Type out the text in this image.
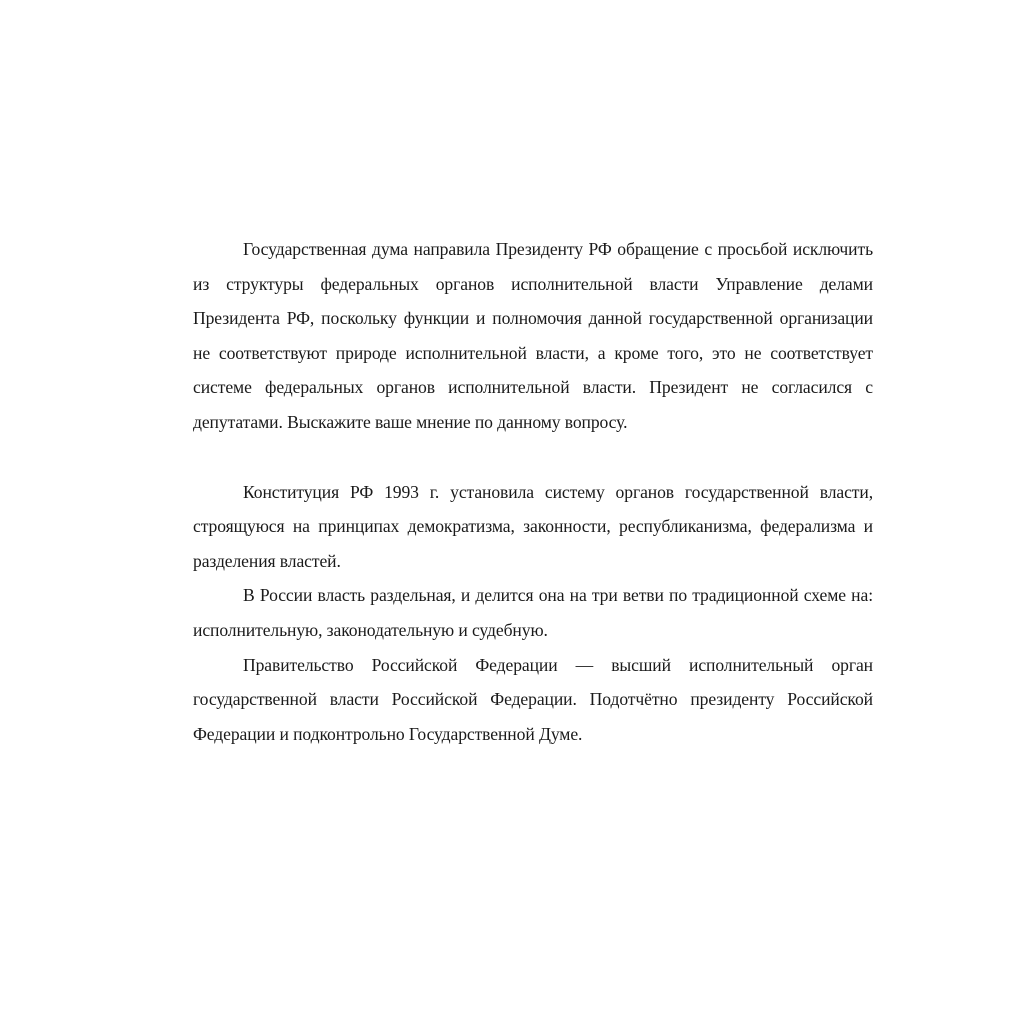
Государственная дума направила Президенту РФ обращение с просьбой исключить из структуры федеральных органов исполнительной власти Управление делами Президента РФ, поскольку функции и полномочия данной государственной организации не соответствуют природе исполнительной власти, а кроме того, это не соответствует системе федеральных органов исполнительной власти. Президент не согласился с депутатами. Выскажите ваше мнение по данному вопросу.

Конституция РФ 1993 г. установила систему органов государственной власти, строящуюся на принципах демократизма, законности, республиканизма, федерализма и разделения властей.

В России власть раздельная, и делится она на три ветви по традиционной схеме на: исполнительную, законодательную и судебную.

Правительство Российской Федерации — высший исполнительный орган государственной власти Российской Федерации. Подотчётно президенту Российской Федерации и подконтрольно Государственной Думе.
